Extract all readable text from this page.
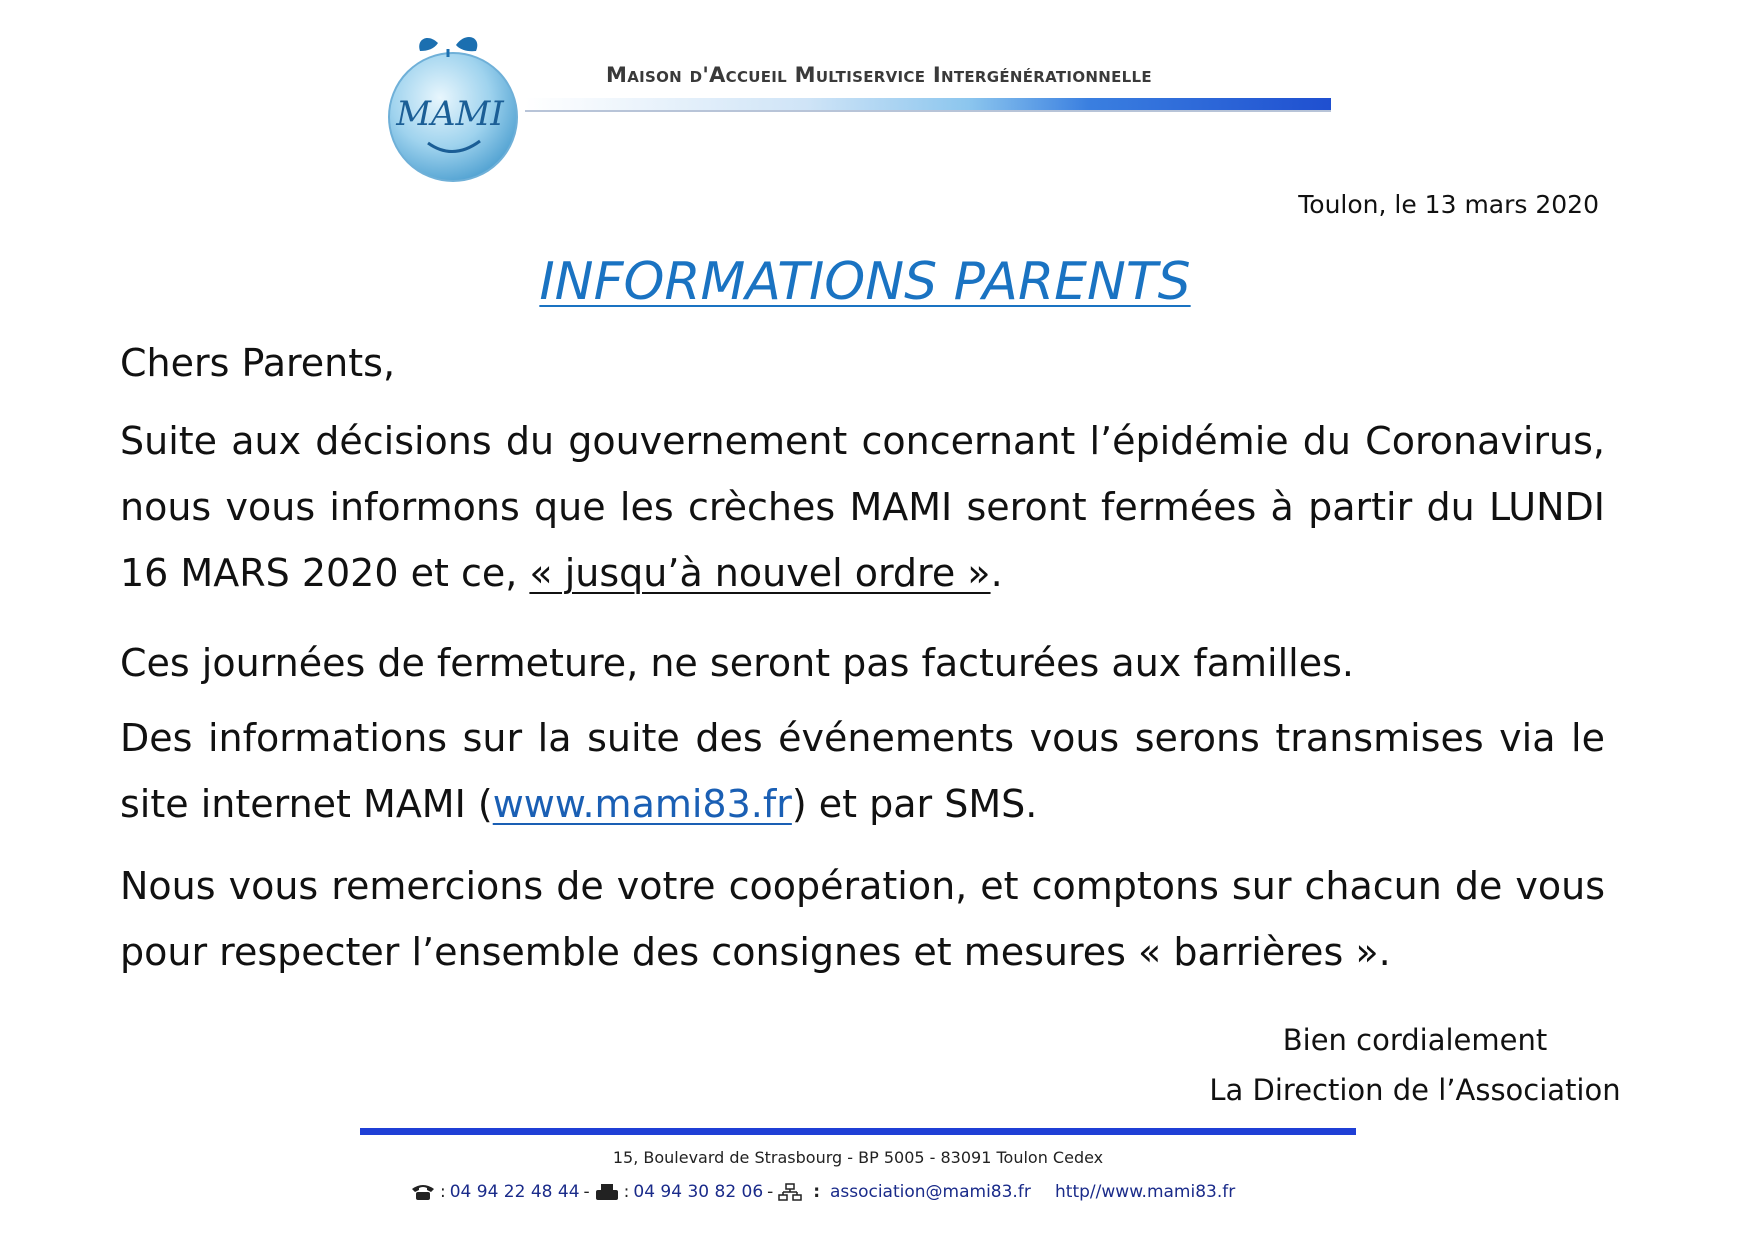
MAMI
Maison d'Accueil Multiservice Intergénérationnelle
Toulon, le 13 mars 2020
INFORMATIONS PARENTS
Chers Parents,
Suite aux décisions du gouvernement concernant l’épidémie du Coronavirus, nous vous informons que les crèches MAMI seront fermées à partir du LUNDI 16 MARS 2020 et ce, « jusqu’à nouvel ordre ».
Ces journées de fermeture, ne seront pas facturées aux familles.
Des informations sur la suite des événements vous serons transmises via le site internet MAMI (www.mami83.fr) et par SMS.
Nous vous remercions de votre coopération, et comptons sur chacun de vous pour respecter l’ensemble des consignes et mesures « barrières ».
Bien cordialement
La Direction de l’Association
15, Boulevard de Strasbourg - BP 5005 - 83091 Toulon Cedex
: 04 94 22 48 44 - : 04 94 30 82 06 - : association@mami83.fr
http//www.mami83.fr
